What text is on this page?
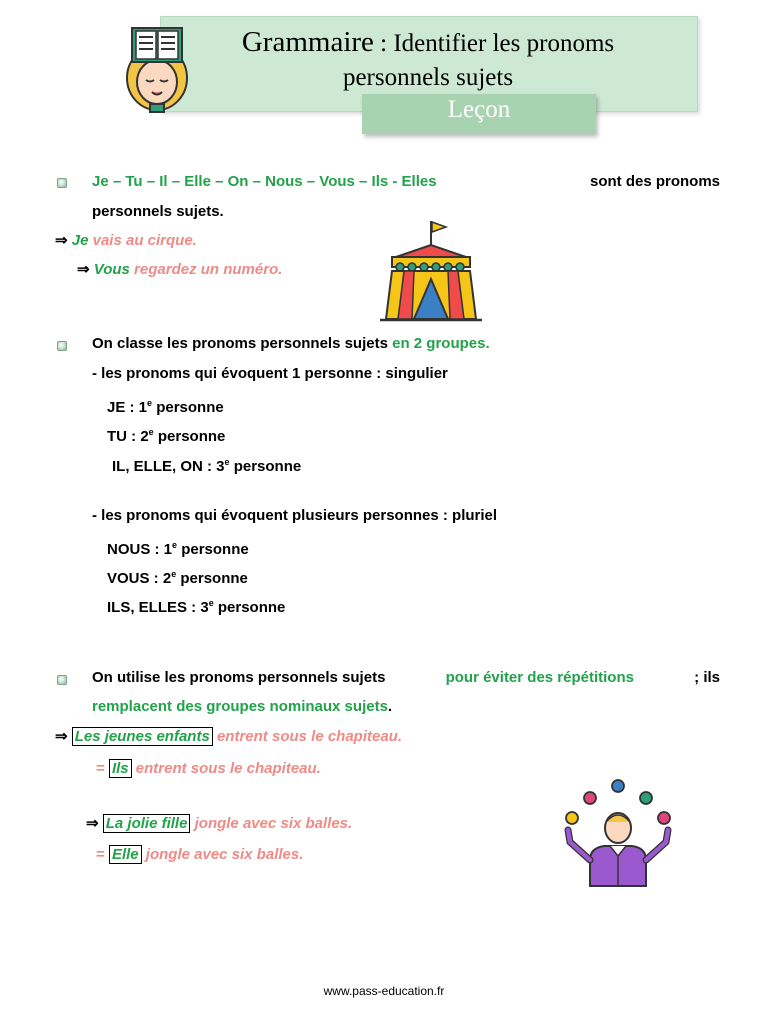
Grammaire : Identifier les pronoms
personnels sujets
Leçon
Je – Tu – Il – Elle – On – Nous – Vous – Ils - Elles	sont des pronoms
personnels sujets.
⇒ Je vais au cirque.
⇒ Vous regardez un numéro.
On classe les pronoms personnels sujets en 2 groupes.
- les pronoms qui évoquent 1 personne : singulier
JE : 1e personne
TU : 2e personne
IL, ELLE, ON : 3e personne
- les pronoms qui évoquent plusieurs personnes : pluriel
NOUS : 1e personne
VOUS : 2e personne
ILS, ELLES : 3e personne
On utilise les pronoms personnels sujets	pour éviter des répétitions	; ils
remplacent des groupes nominaux sujets.
⇒ Les jeunes enfants entrent sous le chapiteau.
= Ils entrent sous le chapiteau.
⇒ La jolie fille jongle avec six balles.
= Elle jongle avec six balles.
www.pass-education.fr
